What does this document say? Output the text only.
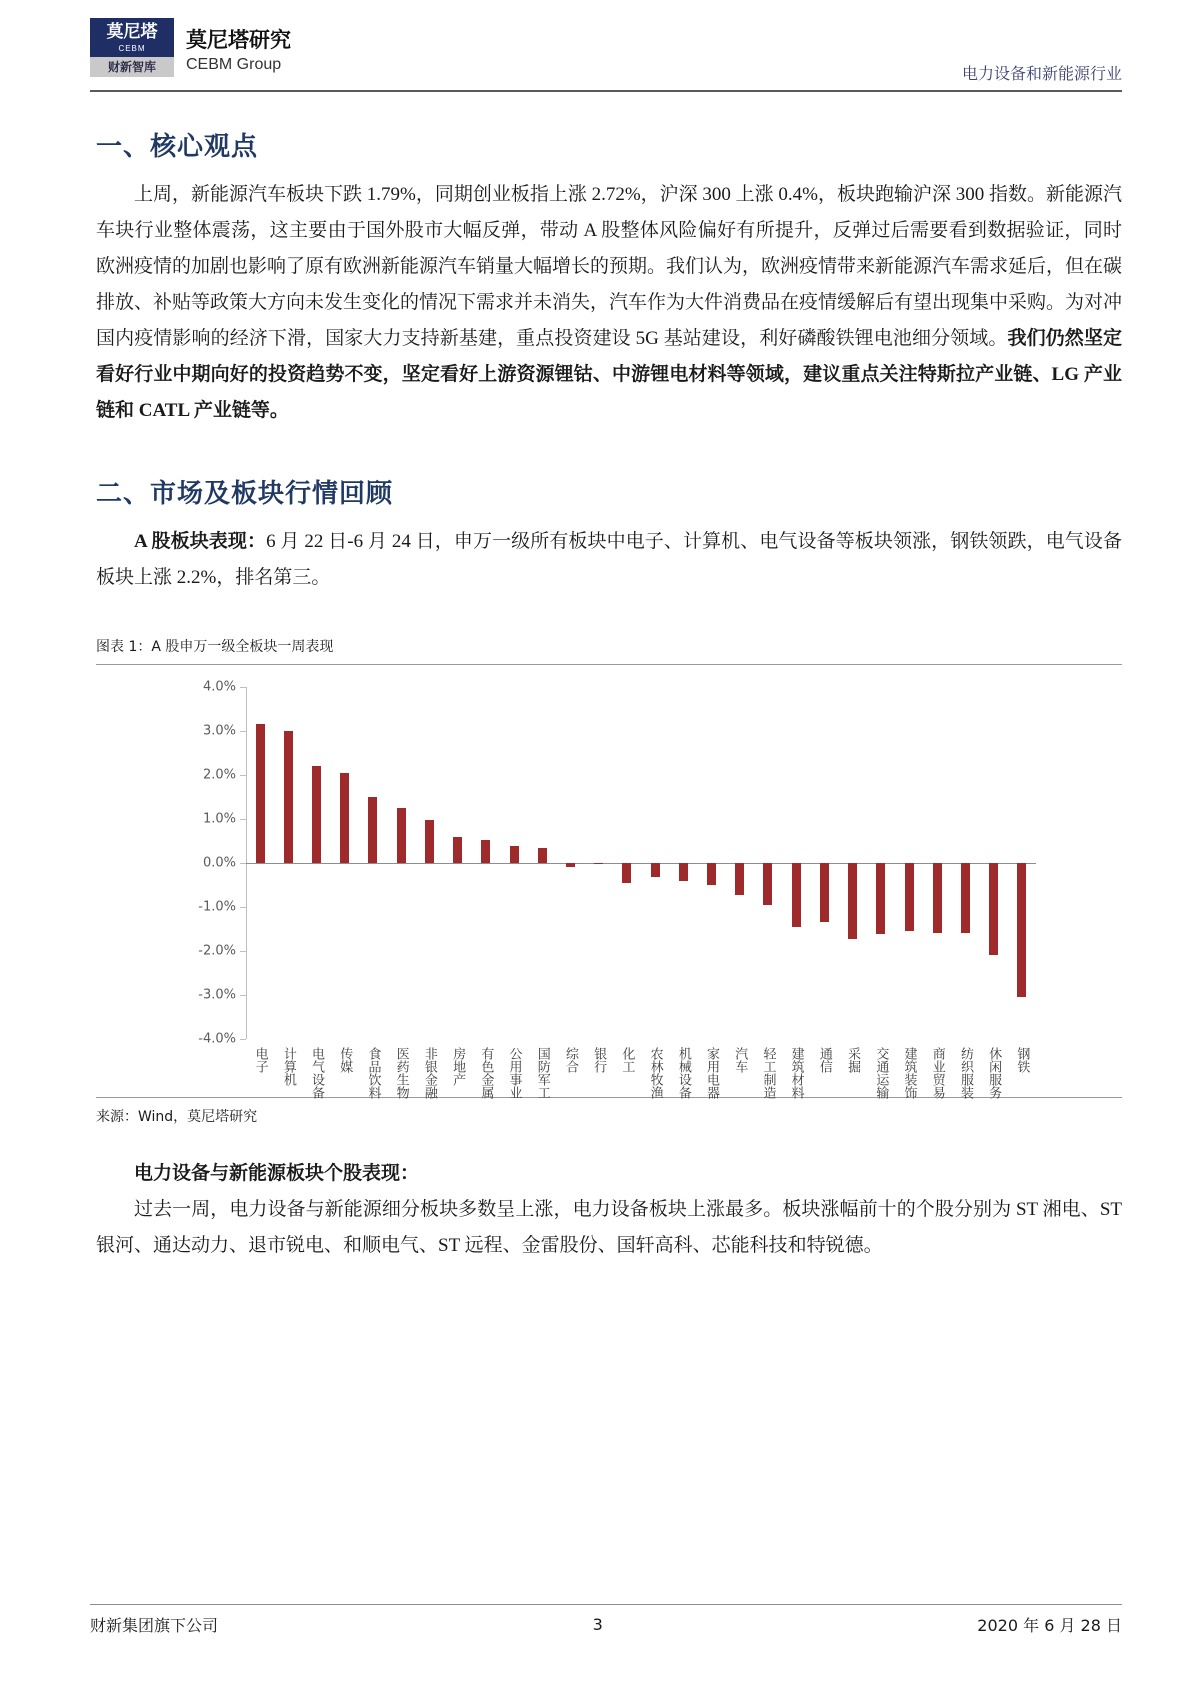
莫尼塔
CEBM
财新智库
莫尼塔研究
CEBM Group	电力设备和新能源行业
一、核心观点

上周，新能源汽车板块下跌 1.79%，同期创业板指上涨 2.72%，沪深 300 上涨 0.4%，板块跑输沪深 300 指数。新能源汽车块行业整体震荡，这主要由于国外股市大幅反弹，带动 A 股整体风险偏好有所提升，反弹过后需要看到数据验证，同时欧洲疫情的加剧也影响了原有欧洲新能源汽车销量大幅增长的预期。我们认为，欧洲疫情带来新能源汽车需求延后，但在碳排放、补贴等政策大方向未发生变化的情况下需求并未消失，汽车作为大件消费品在疫情缓解后有望出现集中采购。为对冲国内疫情影响的经济下滑，国家大力支持新基建，重点投资建设 5G 基站建设，利好磷酸铁锂电池细分领域。我们仍然坚定看好行业中期向好的投资趋势不变，坚定看好上游资源锂钴、中游锂电材料等领域，建议重点关注特斯拉产业链、LG 产业链和 CATL 产业链等。

二、市场及板块行情回顾

A 股板块表现：6 月 22 日-6 月 24 日，申万一级所有板块中电子、计算机、电气设备等板块领涨，钢铁领跌，电气设备板块上涨 2.2%，排名第三。

图表 1：A 股申万一级全板块一周表现
4.0%
3.0%
2.0%
1.0%
0.0%
-1.0%
-2.0%
-3.0%
-4.0%
电子 计算机 电气设备 传媒 食品饮料 医药生物 非银金融 房地产 有色金属 公用事业 国防军工 综合 银行 化工 农林牧渔 机械设备 家用电器 汽车 轻工制造 建筑材料 通信 采掘 交通运输 建筑装饰 商业贸易 纺织服装 休闲服务 钢铁
来源：Wind，莫尼塔研究

电力设备与新能源板块个股表现：

过去一周，电力设备与新能源细分板块多数呈上涨，电力设备板块上涨最多。板块涨幅前十的个股分别为 ST 湘电、ST 银河、通达动力、退市锐电、和顺电气、ST 远程、金雷股份、国轩高科、芯能科技和特锐德。

财新集团旗下公司	3	2020 年 6 月 28 日
